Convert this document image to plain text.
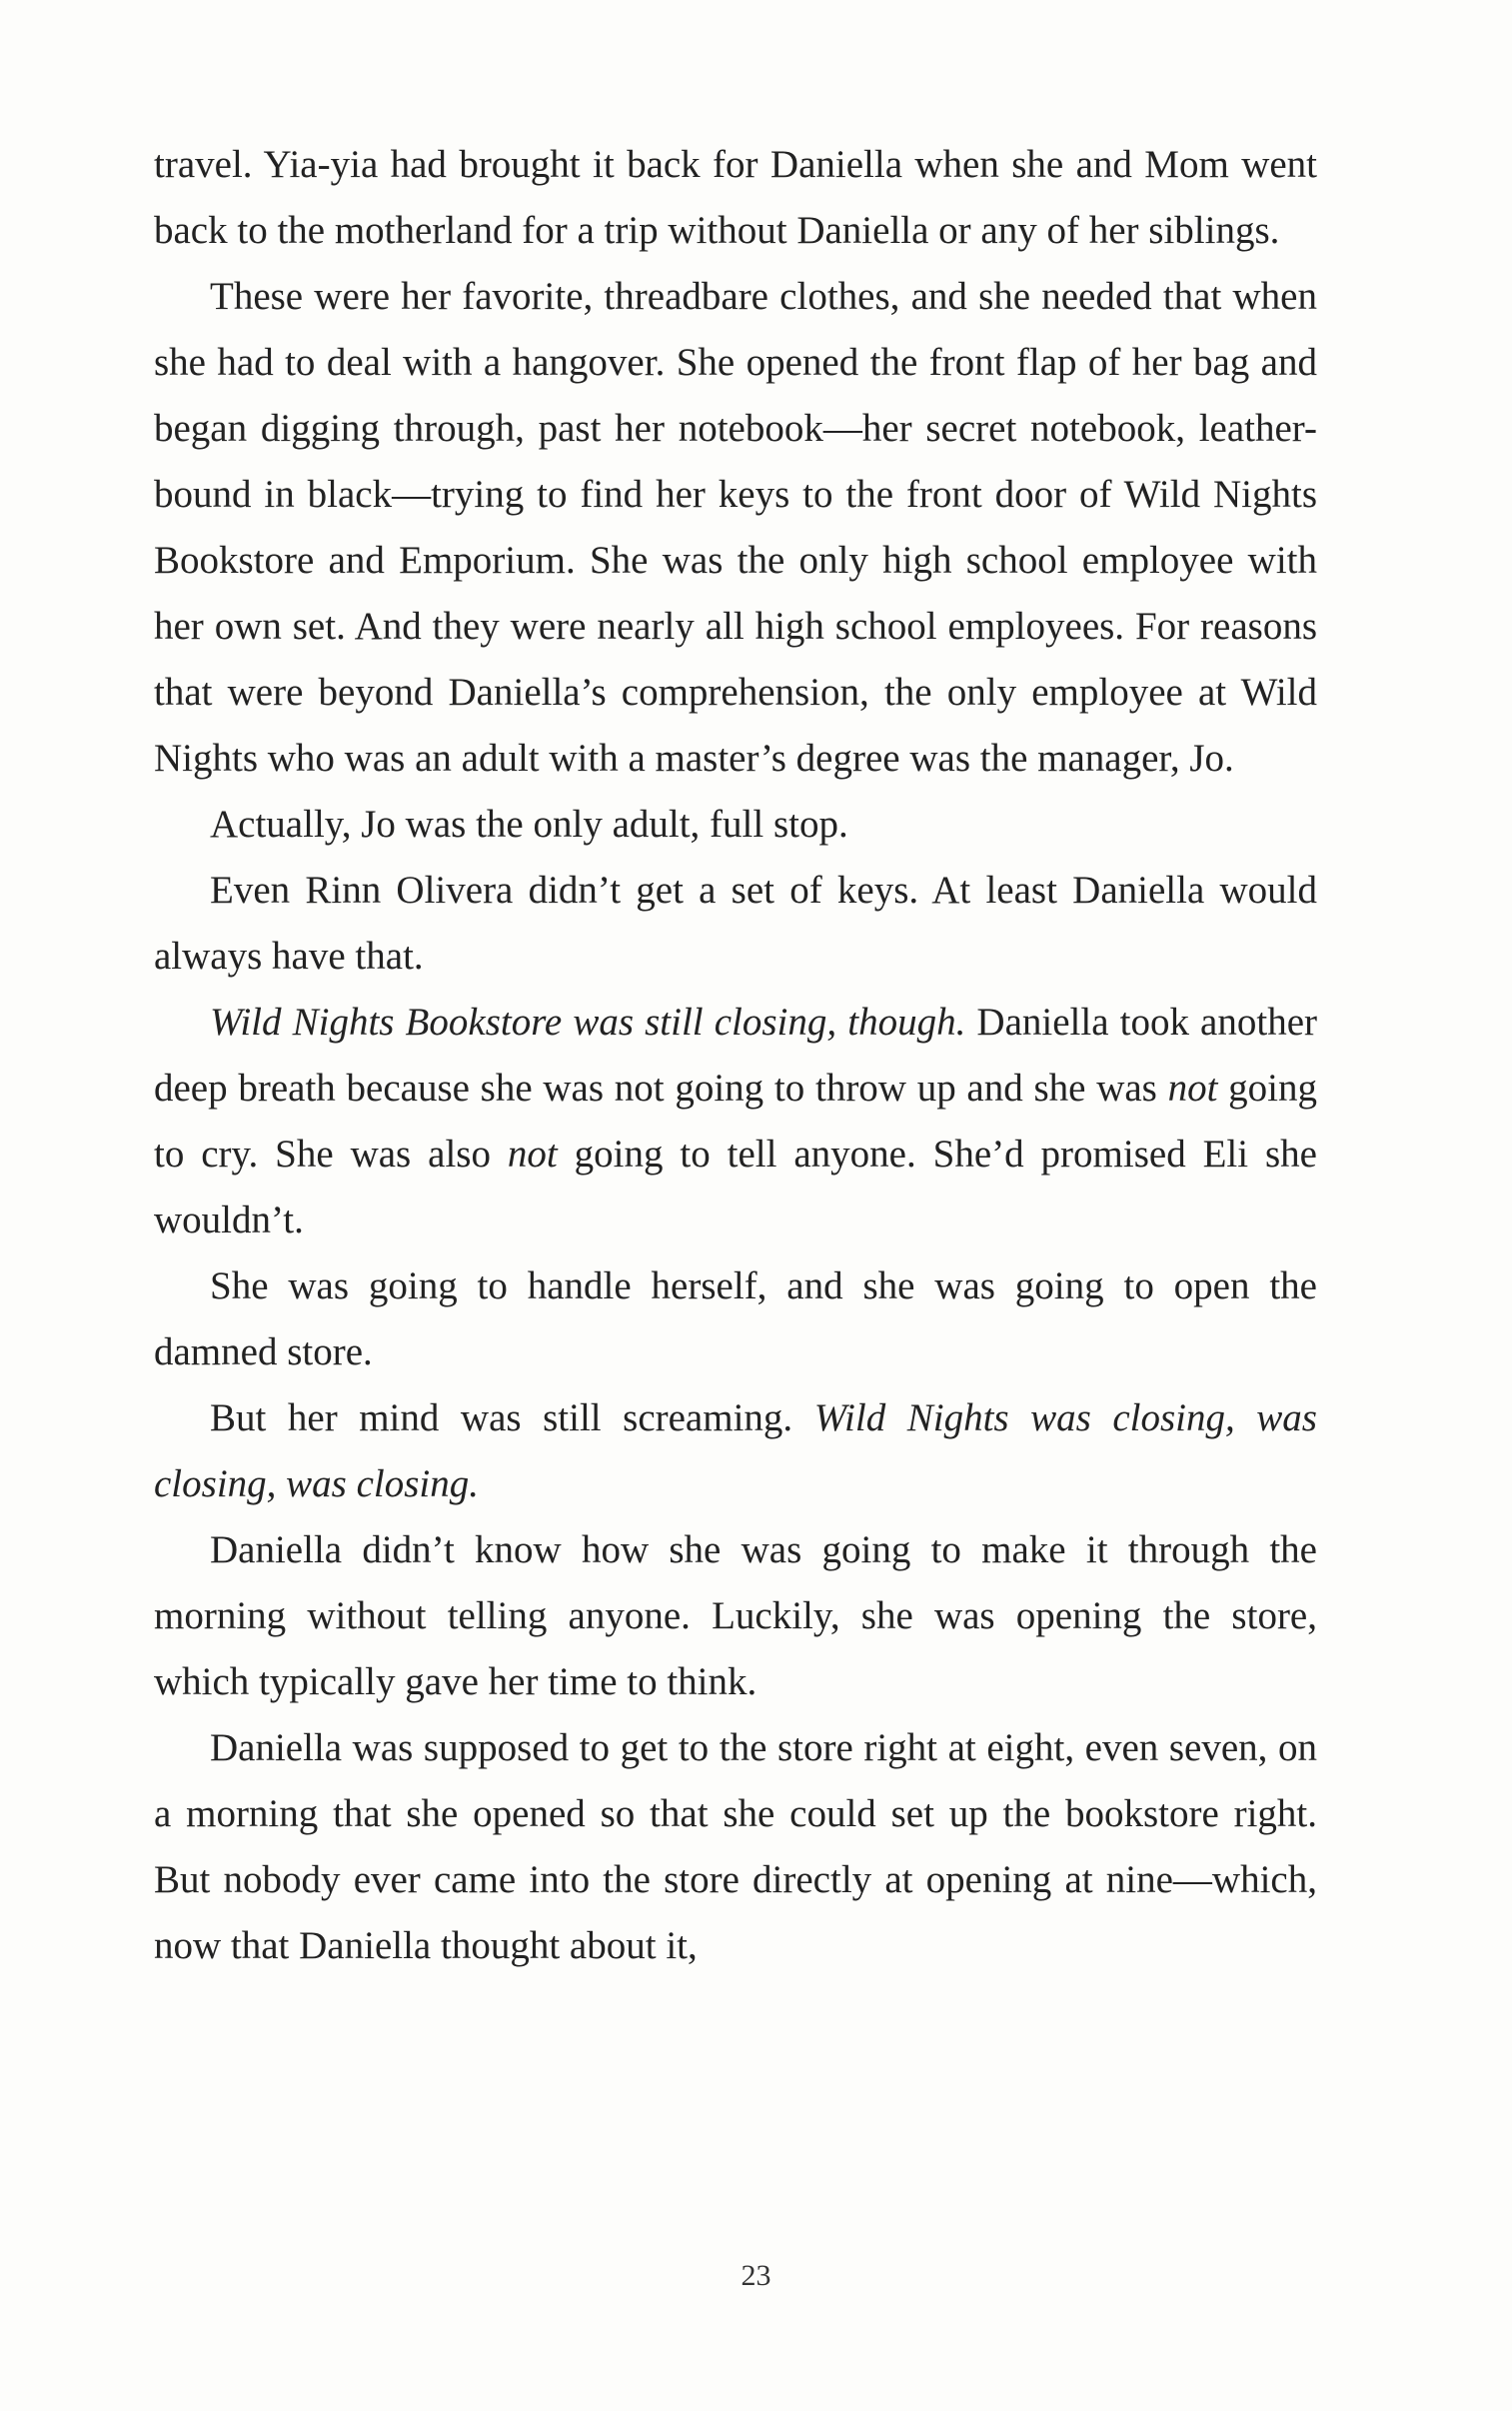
travel. Yia-yia had brought it back for Daniella when she and Mom went back to the motherland for a trip without Daniella or any of her siblings.

These were her favorite, threadbare clothes, and she needed that when she had to deal with a hangover. She opened the front flap of her bag and began digging through, past her notebook—her secret notebook, leather-bound in black—trying to find her keys to the front door of Wild Nights Bookstore and Emporium. She was the only high school employee with her own set. And they were nearly all high school employees. For reasons that were beyond Daniella’s comprehension, the only employee at Wild Nights who was an adult with a master’s degree was the manager, Jo.

Actually, Jo was the only adult, full stop.

Even Rinn Olivera didn’t get a set of keys. At least Daniella would always have that.

Wild Nights Bookstore was still closing, though. Daniella took another deep breath because she was not going to throw up and she was not going to cry. She was also not going to tell anyone. She’d promised Eli she wouldn’t.

She was going to handle herself, and she was going to open the damned store.

But her mind was still screaming. Wild Nights was closing, was closing, was closing.

Daniella didn’t know how she was going to make it through the morning without telling anyone. Luckily, she was opening the store, which typically gave her time to think.

Daniella was supposed to get to the store right at eight, even seven, on a morning that she opened so that she could set up the bookstore right. But nobody ever came into the store directly at opening at nine—which, now that Daniella thought about it,

23
